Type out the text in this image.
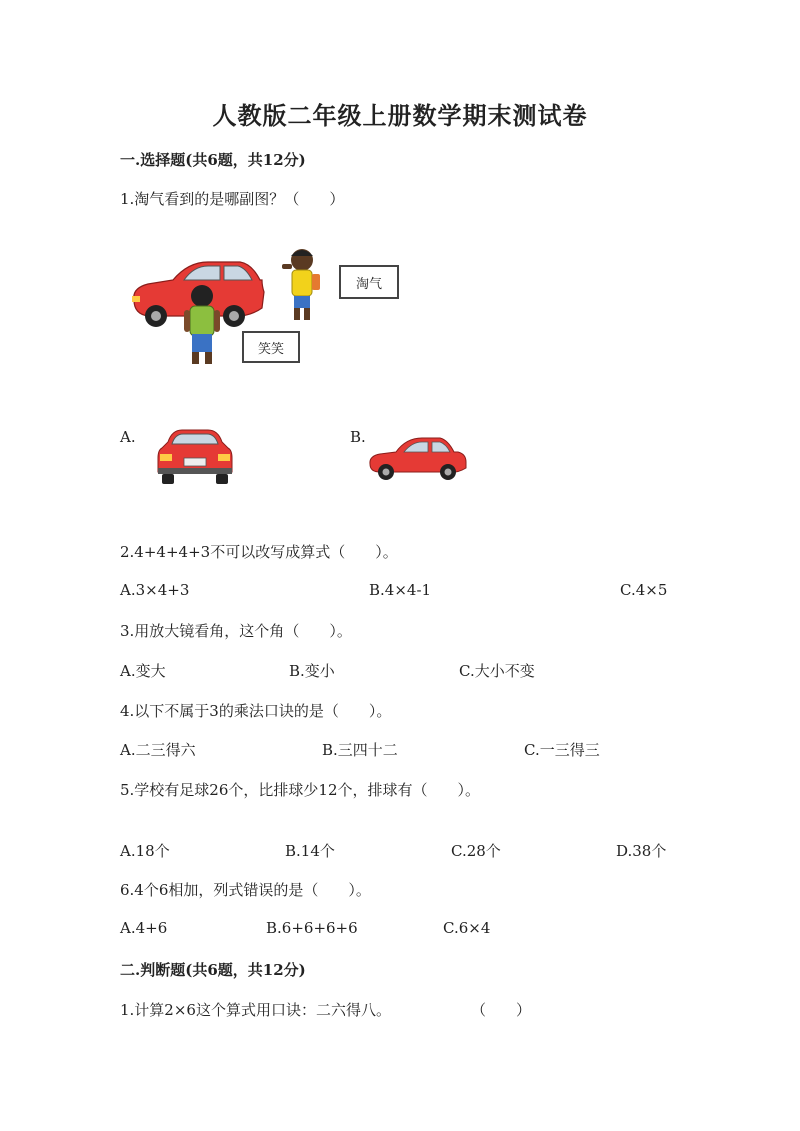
人教版二年级上册数学期末测试卷
一.选择题(共6题，共12分)
1.淘气看到的是哪副图？（　　）
淘气
笑笑
A.	B.
2.4+4+4+3不可以改写成算式（　　）。
A.3×4+3	B.4×4-1	C.4×5
3.用放大镜看角，这个角（　　）。
A.变大	B.变小	C.大小不变
4.以下不属于3的乘法口诀的是（　　）。
A.二三得六	B.三四十二	C.一三得三
5.学校有足球26个，比排球少12个，排球有（　　）。
A.18个	B.14个	C.28个	D.38个
6.4个6相加，列式错误的是（　　）。
A.4+6	B.6+6+6+6	C.6×4
二.判断题(共6题，共12分)
1.计算2×6这个算式用口诀：二六得八。	（　　）
